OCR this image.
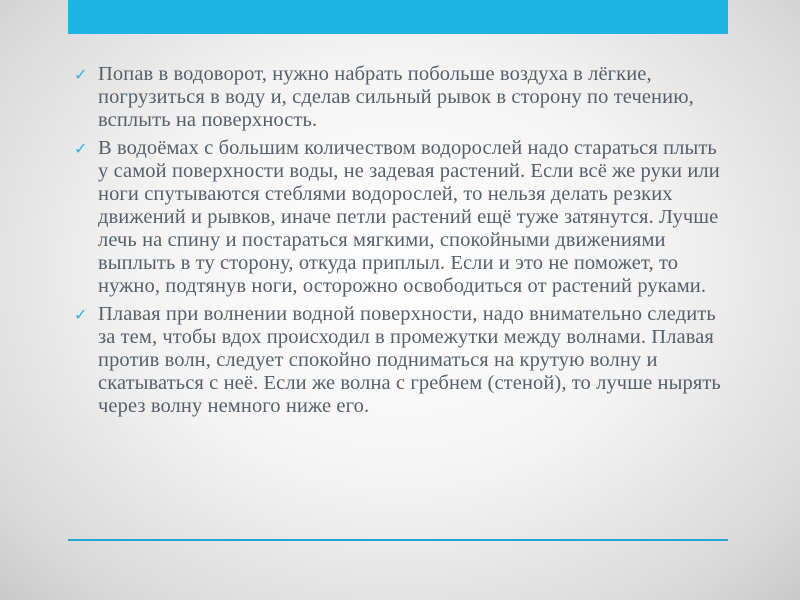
✓ Попав в водоворот, нужно набрать побольше воздуха в лёгкие, погрузиться в воду и, сделав сильный рывок в сторону по течению, всплыть на поверхность.
✓ В водоёмах с большим количеством водорослей надо стараться плыть у самой поверхности воды, не задевая растений. Если всё же руки или ноги спутываются стеблями водорослей, то нельзя делать резких движений и рывков, иначе петли растений ещё туже затянутся. Лучше лечь на спину и постараться мягкими, спокойными движениями выплыть в ту сторону, откуда приплыл. Если и это не поможет, то нужно, подтянув ноги, осторожно освободиться от растений руками.
✓ Плавая при волнении водной поверхности, надо внимательно следить за тем, чтобы вдох происходил в промежутки между волнами. Плавая против волн, следует спокойно подниматься на крутую волну и скатываться с неё. Если же волна с гребнем (стеной), то лучше нырять через волну немного ниже его.
